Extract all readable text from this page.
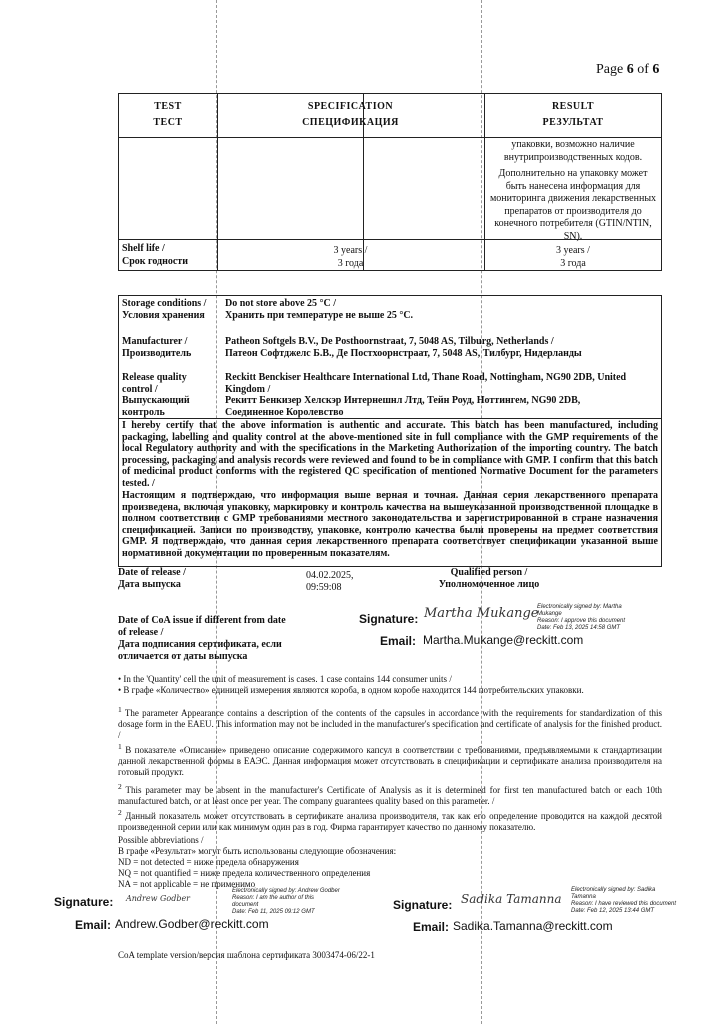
Page 6 of 6
TEST
ТЕСТ
SPECIFICATION
СПЕЦИФИКАЦИЯ
RESULT
РЕЗУЛЬТАТ
упаковки, возможно наличие
внутрипроизводственных кодов.
Дополнительно на упаковку может
быть нанесена информация для
мониторинга движения лекарственных
препаратов от производителя до
конечного потребителя (GTIN/NTIN,
SN).
Shelf life /
Срок годности
3 years /
3 года
3 years /
3 года
Storage conditions /
Условия хранения
Do not store above 25 °C /
Хранить при температуре не выше 25 °C.
Manufacturer /
Производитель
Patheon Softgels B.V., De Posthoornstraat, 7, 5048 AS, Tilburg, Netherlands /
Патеон Софтджелс Б.В., Де Постхоорнстраат, 7, 5048 AS, Тилбург, Нидерланды
Release quality
control /
Выпускающий
контроль
Reckitt Benckiser Healthcare International Ltd, Thane Road, Nottingham, NG90 2DB, United
Kingdom /
Рекитт Бенкизер Хелскэр Интернешнл Лтд, Тейн Роуд, Ноттингем, NG90 2DB,
Соединенное Королевство
I hereby certify that the above information is authentic and accurate. This batch has been manufactured, including packaging, labelling and quality control at the above-mentioned site in full compliance with the GMP requirements of the local Regulatory authority and with the specifications in the Marketing Authorization of the importing country. The batch processing, packaging and analysis records were reviewed and found to be in compliance with GMP. I confirm that this batch of medicinal product conforms with the registered QC specification of mentioned Normative Document for the parameters tested. /
Настоящим я подтверждаю, что информация выше верная и точная. Данная серия лекарственного препарата произведена, включая упаковку, маркировку и контроль качества на вышеуказанной производственной площадке в полном соответствии с GMP требованиями местного законодательства и зарегистрированной в стране назначения спецификацией. Записи по производству, упаковке, контролю качества были проверены на предмет соответствия GMP. Я подтверждаю, что данная серия лекарственного препарата соответствует спецификации указанной выше нормативной документации по проверенным показателям.
Date of release /
Дата выпуска
04.02.2025,
09:59:08
Qualified person /
Уполномоченное лицо
Date of CoA issue if different from date
of release /
Дата подписания сертификата, если
отличается от даты выпуска
Signature: Martha Mukange
Electronically signed by: Martha
Mukange
Reason: I approve this document
Date: Feb 13, 2025 14:58 GMT
Email: Martha.Mukange@reckitt.com
• In the 'Quantity' cell the unit of measurement is cases. 1 case contains 144 consumer units /
• В графе «Количество» единицей измерения являются короба, в одном коробе находится 144 потребительских упаковки.
$^1$ The parameter Appearance contains a description of the contents of the capsules in accordance with the requirements for standardization of this dosage form in the EAEU. This information may not be included in the manufacturer's specification and certificate of analysis for the finished product. /
$^1$ В показателе «Описание» приведено описание содержимого капсул в соответствии с требованиями, предъявляемыми к стандартизации данной лекарственной формы в ЕАЭС. Данная информация может отсутствовать в спецификации и сертификате анализа производителя на готовый продукт.
$^2$ This parameter may be absent in the manufacturer's Certificate of Analysis as it is determined for first ten manufactured batch or each 10th manufactured batch, or at least once per year. The company guarantees quality based on this parameter. /
$^2$ Данный показатель может отсутствовать в сертификате анализа производителя, так как его определение проводится на каждой десятой произведенной серии или как минимум один раз в год. Фирма гарантирует качество по данному показателю.
Possible abbreviations /
В графе «Результат» могут быть использованы следующие обозначения:
ND = not detected = ниже предела обнаружения
NQ = not quantified = ниже предела количественного определения
NA = not applicable = не применимо
Signature: Andrew Godber
Electronically signed by: Andrew Godber
Reason: I am the author of this
document
Date: Feb 11, 2025 09:12 GMT
Email: Andrew.Godber@reckitt.com
Signature: Sadika Tamanna
Electronically signed by: Sadika
Tamanna
Reason: I have reviewed this document
Date: Feb 12, 2025 13:44 GMT
Email: Sadika.Tamanna@reckitt.com
CoA template version/версия шаблона сертификата 3003474-06/22-1
